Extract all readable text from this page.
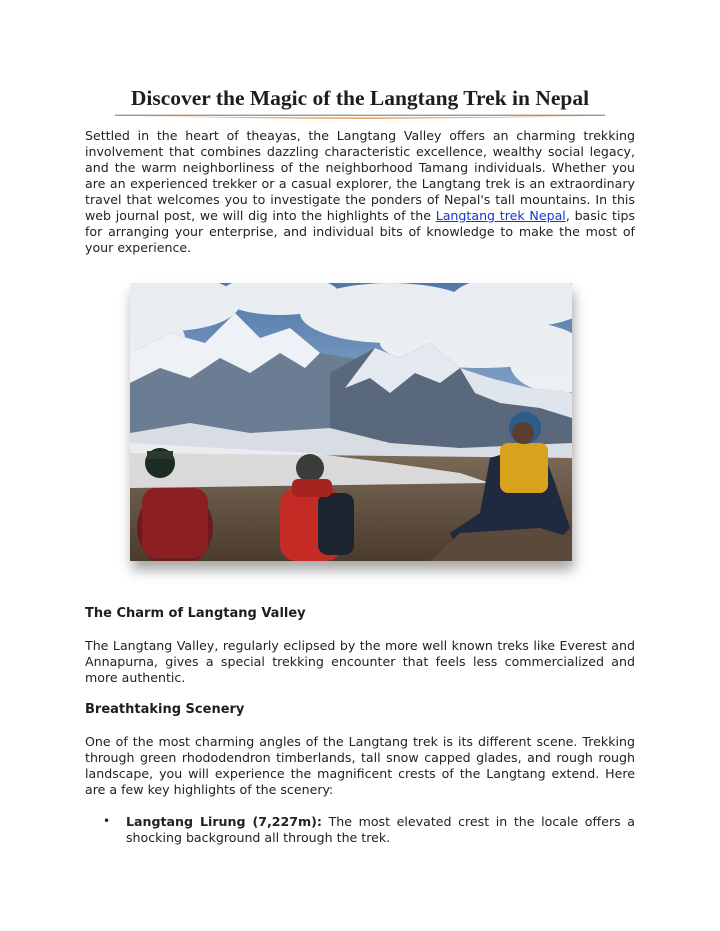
Discover the Magic of the Langtang Trek in Nepal

Settled in the heart of theayas, the Langtang Valley offers an charming trekking involvement that combines dazzling characteristic excellence, wealthy social legacy, and the warm neighborliness of the neighborhood Tamang individuals. Whether you are an experienced trekker or a casual explorer, the Langtang trek is an extraordinary travel that welcomes you to investigate the ponders of Nepal's tall mountains. In this web journal post, we will dig into the highlights of the Langtang trek Nepal, basic tips for arranging your enterprise, and individual bits of knowledge to make the most of your experience.

The Charm of Langtang Valley

The Langtang Valley, regularly eclipsed by the more well known treks like Everest and Annapurna, gives a special trekking encounter that feels less commercialized and more authentic.

Breathtaking Scenery

One of the most charming angles of the Langtang trek is its different scene. Trekking through green rhododendron timberlands, tall snow capped glades, and rough rough landscape, you will experience the magnificent crests of the Langtang extend. Here are a few key highlights of the scenery:

• Langtang Lirung (7,227m): The most elevated crest in the locale offers a shocking background all through the trek.
